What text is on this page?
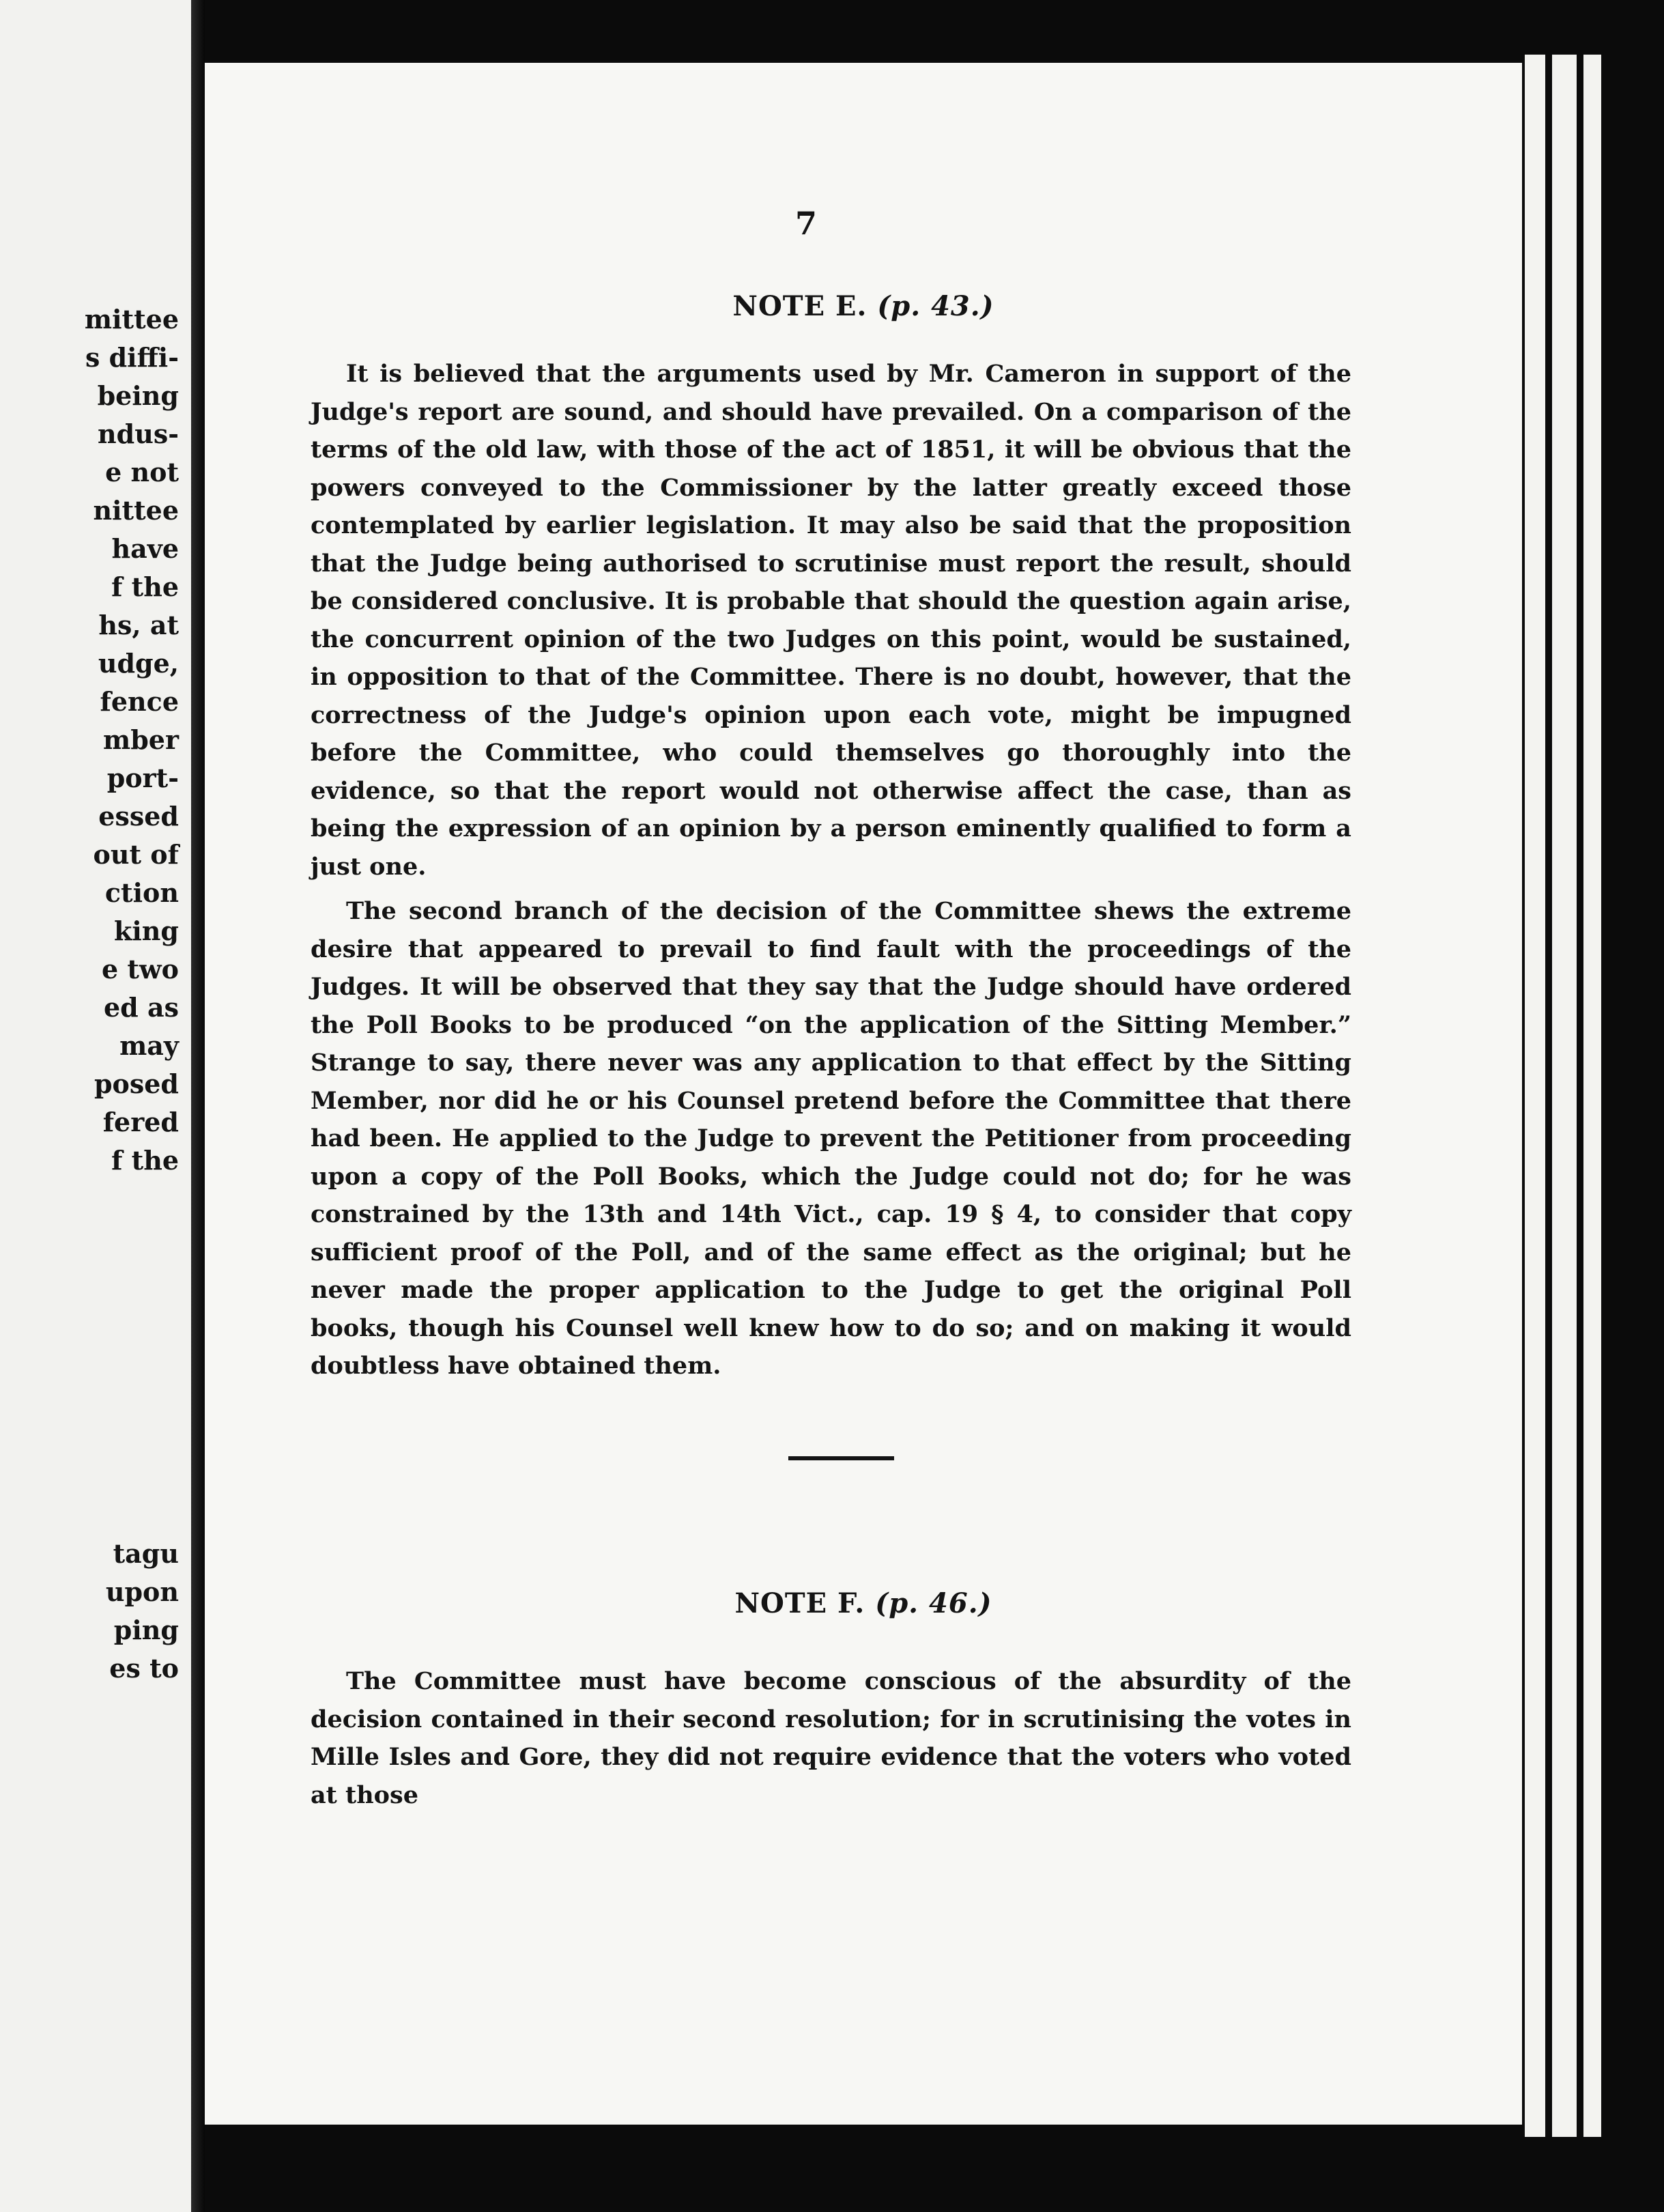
mittee
s diffi-
being
ndus-
e not
nittee
have
f the
hs, at
udge,
fence
mber
port-
essed
out of
ction
king
e two
ed as
may
posed
fered
f the
tagu
upon
ping
es to
7
NOTE E. (p. 43.)

It is believed that the arguments used by Mr. Cameron in support of the Judge's report are sound, and should have prevailed. On a comparison of the terms of the old law, with those of the act of 1851, it will be obvious that the powers conveyed to the Commissioner by the latter greatly exceed those contemplated by earlier legislation. It may also be said that the proposition that the Judge being authorised to scrutinise must report the result, should be considered conclusive. It is probable that should the question again arise, the concurrent opinion of the two Judges on this point, would be sustained, in opposition to that of the Committee. There is no doubt, however, that the correctness of the Judge's opinion upon each vote, might be impugned before the Committee, who could themselves go thoroughly into the evidence, so that the report would not otherwise affect the case, than as being the expression of an opinion by a person eminently qualified to form a just one.

The second branch of the decision of the Committee shews the extreme desire that appeared to prevail to find fault with the proceedings of the Judges. It will be observed that they say that the Judge should have ordered the Poll Books to be produced “on the application of the Sitting Member.” Strange to say, there never was any application to that effect by the Sitting Member, nor did he or his Counsel pretend before the Committee that there had been. He applied to the Judge to prevent the Petitioner from proceeding upon a copy of the Poll Books, which the Judge could not do; for he was constrained by the 13th and 14th Vict., cap. 19 § 4, to consider that copy sufficient proof of the Poll, and of the same effect as the original; but he never made the proper application to the Judge to get the original Poll books, though his Counsel well knew how to do so; and on making it would doubtless have obtained them.

NOTE F. (p. 46.)

The Committee must have become conscious of the absurdity of the decision contained in their second resolution; for in scrutinising the votes in Mille Isles and Gore, they did not require evidence that the voters who voted at those
